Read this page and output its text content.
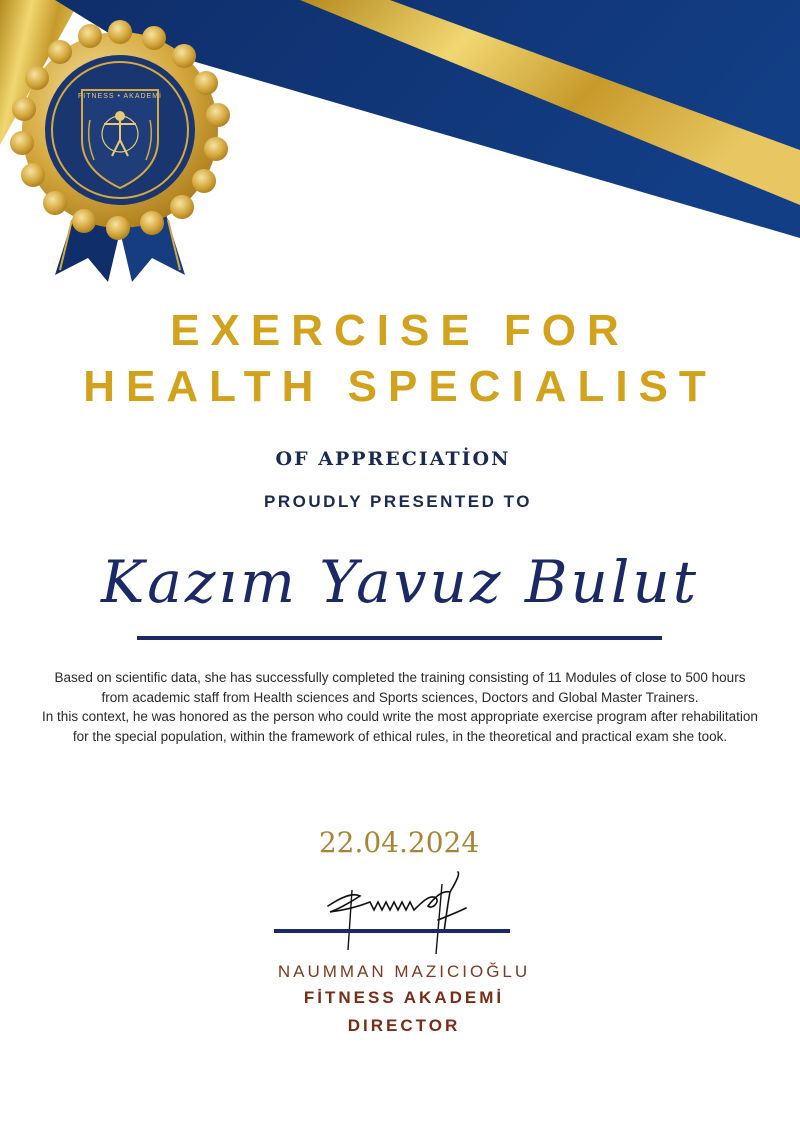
FITNESS • AKADEMİ
EXERCISE FOR
HEALTH SPECIALIST
OF APPRECIATİON
PROUDLY PRESENTED TO
Kazım Yavuz Bulut

Based on scientific data, she has successfully completed the training consisting of 11 Modules of close to 500 hours from academic staff from Health sciences and Sports sciences, Doctors and Global Master Trainers.

In this context, he was honored as the person who could write the most appropriate exercise program after rehabilitation for the special population, within the framework of ethical rules, in the theoretical and practical exam she took.

22.04.2024
NAUMMAN MAZICIOĞLU
FİTNESS AKADEMİ
DIRECTOR
